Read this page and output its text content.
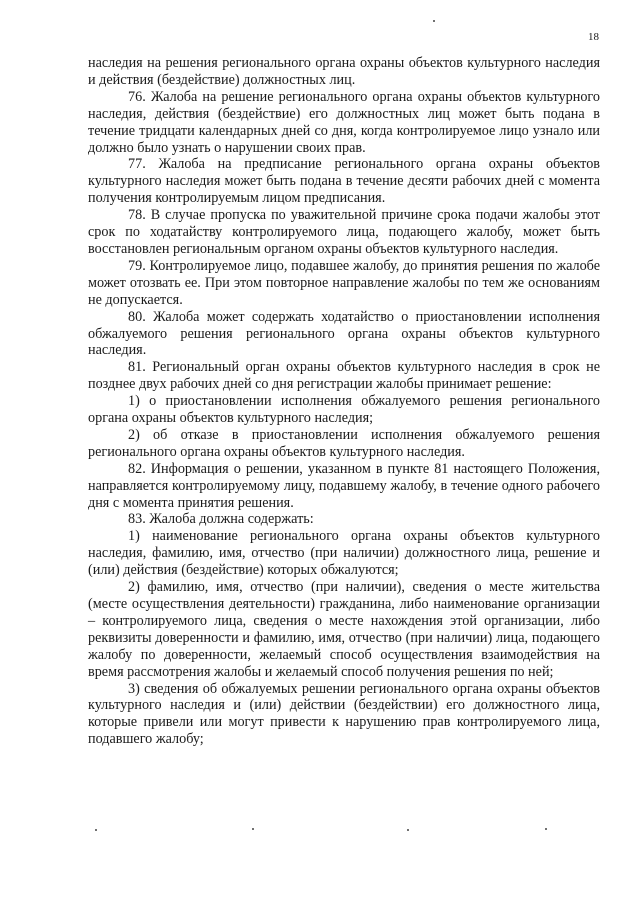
18

наследия на решения регионального органа охраны объектов культурного наследия и действия (бездействие) должностных лиц.

76. Жалоба на решение регионального органа охраны объектов культурного наследия, действия (бездействие) его должностных лиц может быть подана в течение тридцати календарных дней со дня, когда контролируемое лицо узнало или должно было узнать о нарушении своих прав.

77. Жалоба на предписание регионального органа охраны объектов культурного наследия может быть подана в течение десяти рабочих дней с момента получения контролируемым лицом предписания.

78. В случае пропуска по уважительной причине срока подачи жалобы этот срок по ходатайству контролируемого лица, подающего жалобу, может быть восстановлен региональным органом охраны объектов культурного наследия.

79. Контролируемое лицо, подавшее жалобу, до принятия решения по жалобе может отозвать ее. При этом повторное направление жалобы по тем же основаниям не допускается.

80. Жалоба может содержать ходатайство о приостановлении исполнения обжалуемого решения регионального органа охраны объектов культурного наследия.

81. Региональный орган охраны объектов культурного наследия в срок не позднее двух рабочих дней со дня регистрации жалобы принимает решение:

1) о приостановлении исполнения обжалуемого решения регионального органа охраны объектов культурного наследия;

2) об отказе в приостановлении исполнения обжалуемого решения регионального органа охраны объектов культурного наследия.

82. Информация о решении, указанном в пункте 81 настоящего Положения, направляется контролируемому лицу, подавшему жалобу, в течение одного рабочего дня с момента принятия решения.

83. Жалоба должна содержать:

1) наименование регионального органа охраны объектов культурного наследия, фамилию, имя, отчество (при наличии) должностного лица, решение и (или) действия (бездействие) которых обжалуются;

2) фамилию, имя, отчество (при наличии), сведения о месте жительства (месте осуществления деятельности) гражданина, либо наименование организации – контролируемого лица, сведения о месте нахождения этой организации, либо реквизиты доверенности и фамилию, имя, отчество (при наличии) лица, подающего жалобу по доверенности, желаемый способ осуществления взаимодействия на время рассмотрения жалобы и желаемый способ получения решения по ней;

3) сведения об обжалуемых решении регионального органа охраны объектов культурного наследия и (или) действии (бездействии) его должностного лица, которые привели или могут привести к нарушению прав контролируемого лица, подавшего жалобу;
